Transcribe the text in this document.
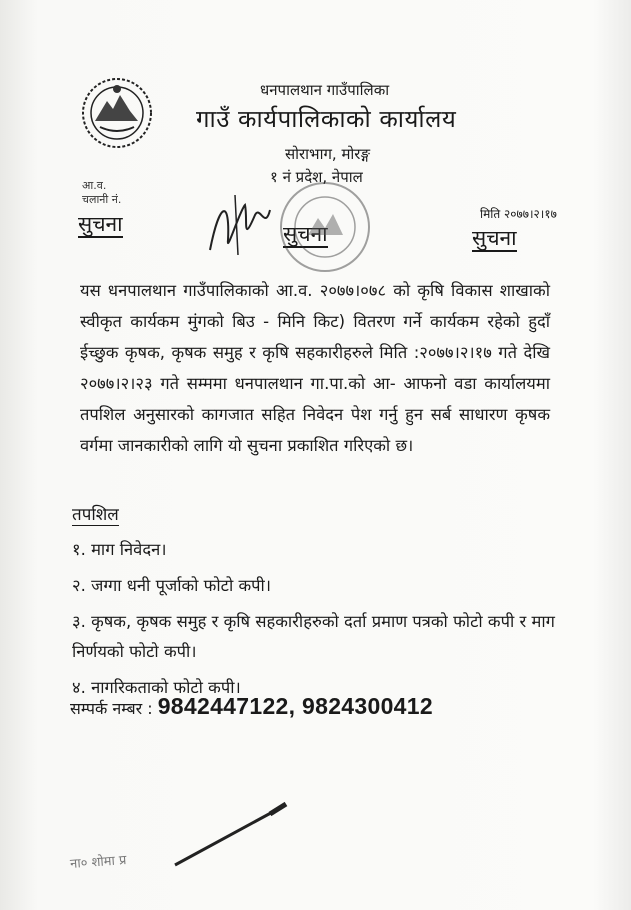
धनपालथान गाउँपालिका
गाउँ कार्यपालिकाको कार्यालय
सोराभाग, मोरङ्ग
१ नं प्रदेश, नेपाल
आ.व.
चलानी नं.
मिति २०७७।२।१७
सुचना	सुचना	सुचना
यस धनपालथान गाउँपालिकाको आ.व. २०७७।०७८ को कृषि विकास शाखाको स्वीकृत कार्यकम मुंगको बिउ - मिनि किट) वितरण गर्ने कार्यकम रहेको हुदाँ ईच्छुक कृषक, कृषक समुह र कृषि सहकारीहरुले मिति :२०७७।२।१७ गते देखि २०७७।२।२३ गते सम्ममा धनपालथान गा.पा.को आ- आफनो वडा कार्यालयमा तपशिल अनुसारको कागजात सहित निवेदन पेश गर्नु हुन सर्ब साधारण कृषक वर्गमा जानकारीको लागि यो सुचना प्रकाशित गरिएको छ।
तपशिल
१. माग निवेदन।
२. जग्गा धनी पूर्जाको फोटो कपी।
३. कृषक, कृषक समुह र कृषि सहकारीहरुको दर्ता प्रमाण पत्रको फोटो कपी र माग निर्णयको फोटो कपी।
४. नागरिकताको फोटो कपी।
सम्पर्क नम्बर : 9842447122, 9824300412
ना० शोमा प्र
